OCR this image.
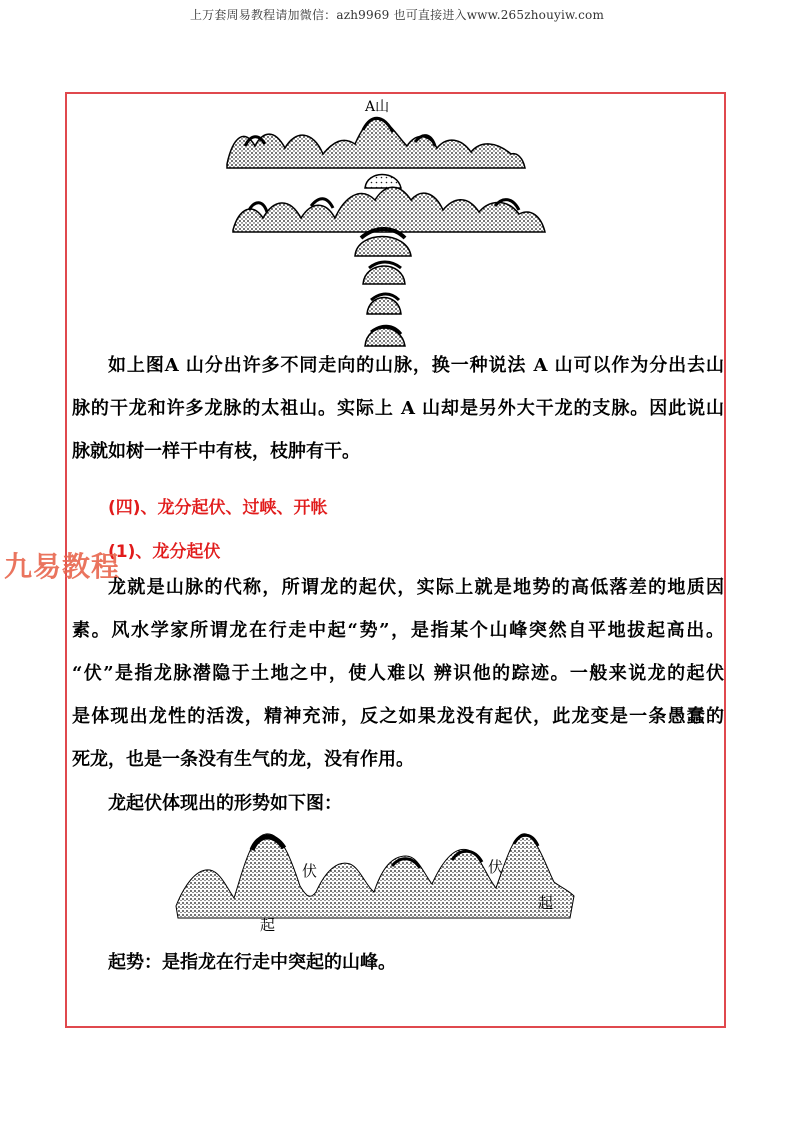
上万套周易教程请加微信：azh9969 也可直接进入www.265zhouyiw.com
A山
如上图A 山分出许多不同走向的山脉，换一种说法 A 山可以作为分出去山
脉的干龙和许多龙脉的太祖山。实际上 A 山却是另外大干龙的支脉。因此说山
脉就如树一样干中有枝，枝肿有干。
(四)、龙分起伏、过峡、开帐
(1)、龙分起伏
九易教程
龙就是山脉的代称，所谓龙的起伏，实际上就是地势的高低落差的地质因
素。风水学家所谓龙在行走中起“势”，是指某个山峰突然自平地拔起高出。
“伏”是指龙脉潜隐于土地之中，使人难以 辨识他的踪迹。一般来说龙的起伏
是体现出龙性的活泼，精神充沛，反之如果龙没有起伏，此龙变是一条愚蠢的
死龙，也是一条没有生气的龙，没有作用。
龙起伏体现出的形势如下图：
伏	伏
起
起
起势：是指龙在行走中突起的山峰。
